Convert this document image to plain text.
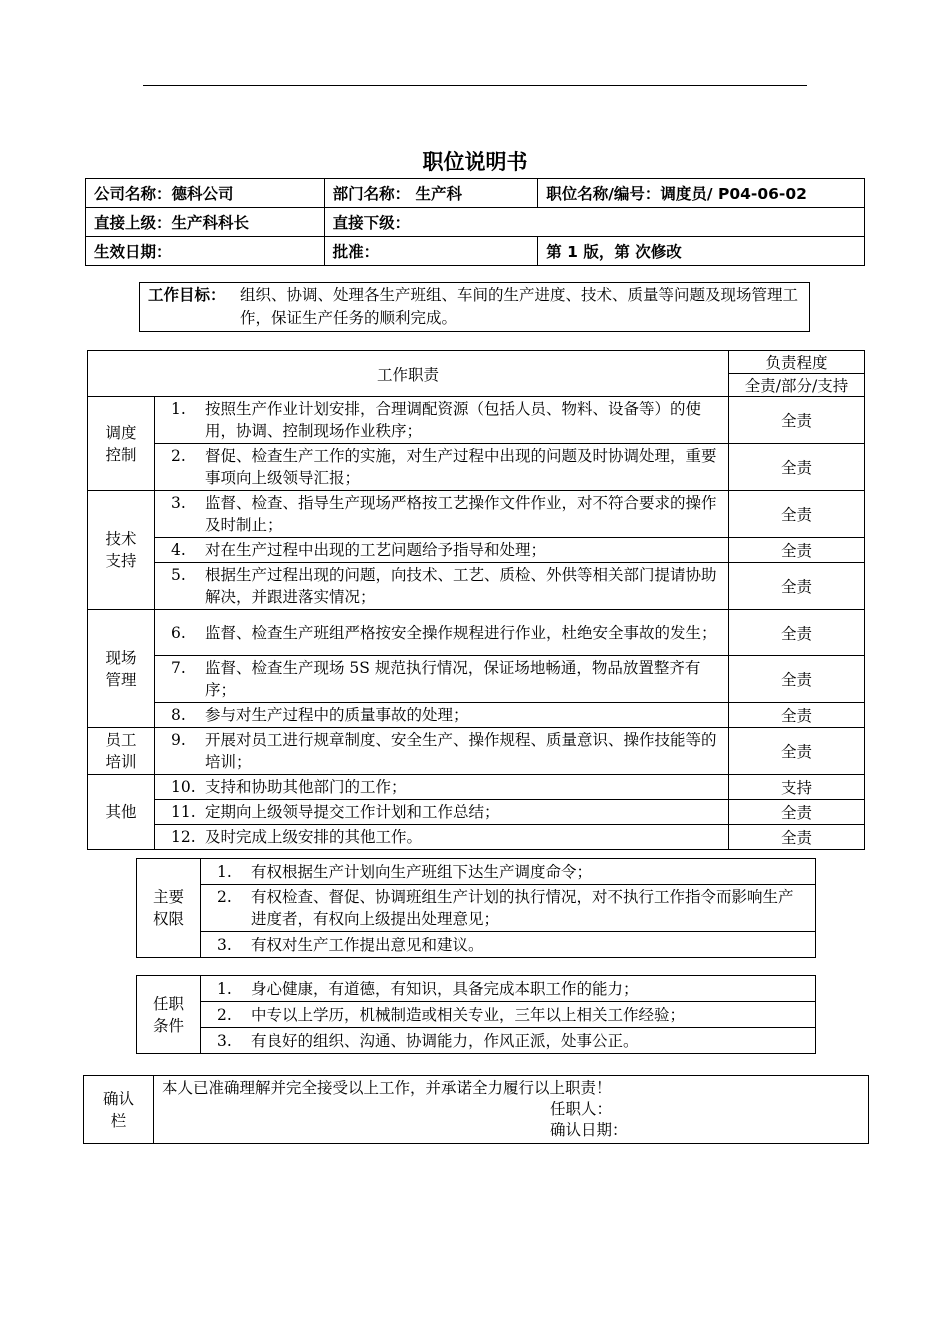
职位说明书
公司名称：德科公司	部门名称： 生产科	职位名称/编号：调度员/ P04-06-02
直接上级：生产科科长	直接下级：	
生效日期：	批准：	第 1 版，第 次修改
工作目标： 组织、协调、处理各生产班组、车间的生产进度、技术、质量等问题及现场管理工作，保证生产任务的顺利完成。
工作职责		负责程度
		全责/部分/支持
调度控制	1. 按照生产作业计划安排，合理调配资源（包括人员、物料、设备等）的使用，协调、控制现场作业秩序；	全责

	2. 督促、检查生产工作的实施，对生产过程中出现的问题及时协调处理，重要事项向上级领导汇报；	全责
技术支持	3. 监督、检查、指导生产现场严格按工艺操作文件作业，对不符合要求的操作及时制止；	全责

	4. 对在生产过程中出现的工艺问题给予指导和处理；	全责

	5. 根据生产过程出现的问题，向技术、工艺、质检、外供等相关部门提请协助解决，并跟进落实情况；	全责
现场管理	6. 监督、检查生产班组严格按安全操作规程进行作业，杜绝安全事故的发生；	全责

	7. 监督、检查生产现场 5S 规范执行情况，保证场地畅通，物品放置整齐有序；	全责

	8. 参与对生产过程中的质量事故的处理；	全责
员工培训	9. 开展对员工进行规章制度、安全生产、操作规程、质量意识、操作技能等的培训；	全责
其他	10. 支持和协助其他部门的工作；	支持

	11. 定期向上级领导提交工作计划和工作总结；	全责

	12. 及时完成上级安排的其他工作。	全责
主要权限	
1.	有权根据生产计划向生产班组下达生产调度命令；

2.	有权检查、督促、协调班组生产计划的执行情况，对不执行工作指令而影响生产进度者，有权向上级提出处理意见；

3.	有权对生产工作提出意见和建议。
任职条件	
1.	身心健康，有道德，有知识，具备完成本职工作的能力；

2.	中专以上学历，机械制造或相关专业，三年以上相关工作经验；

3.	有良好的组织、沟通、协调能力，作风正派，处事公正。
确认栏	
本人已准确理解并完全接受以上工作，并承诺全力履行以上职责！
任职人：
确认日期：
